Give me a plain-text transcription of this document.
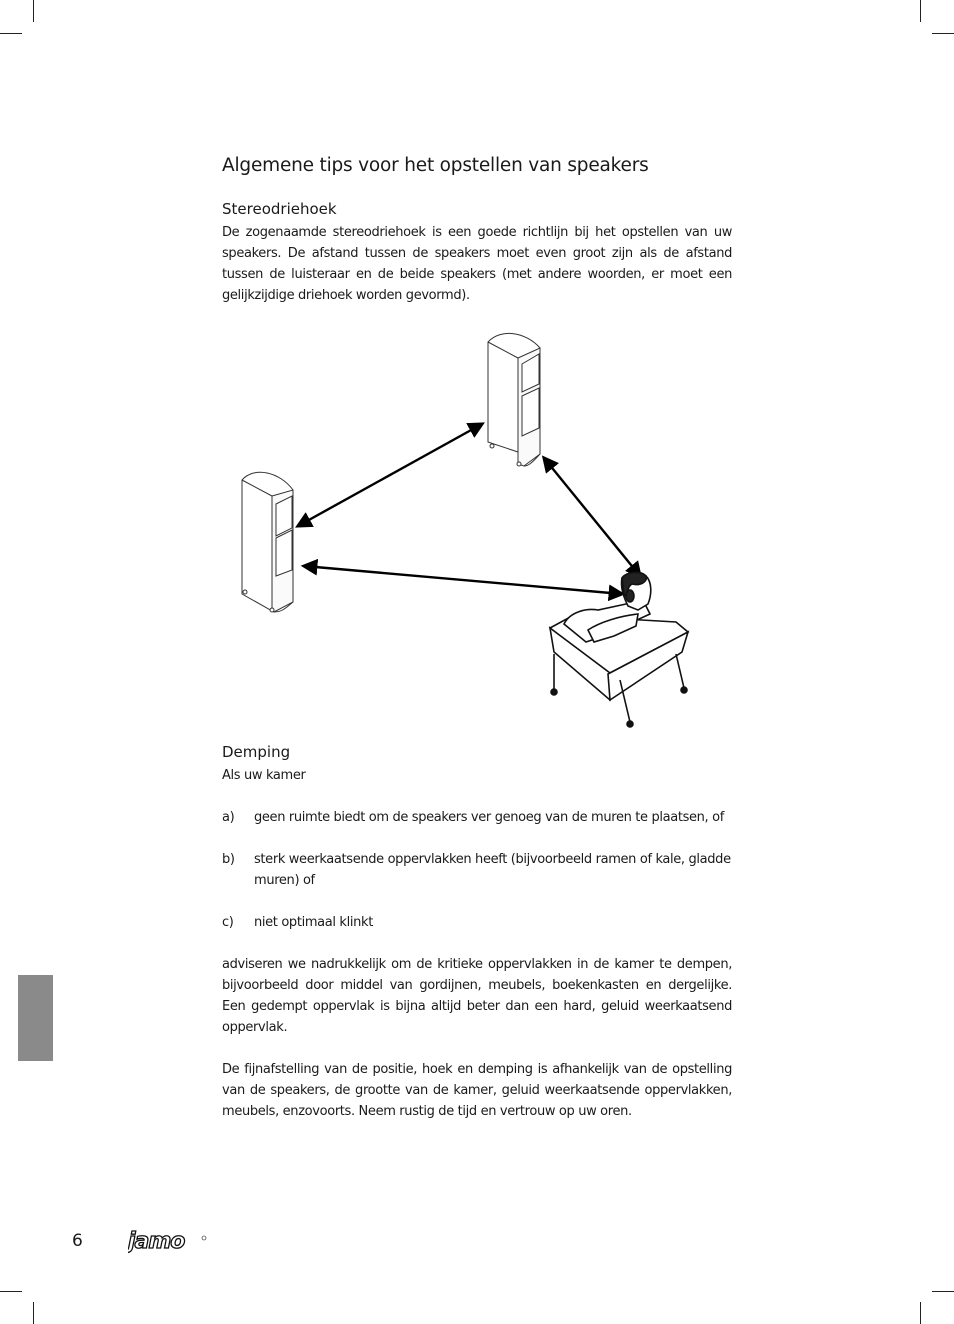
Algemene tips voor het opstellen van speakers
Stereodriehoek
De zogenaamde stereodriehoek is een goede richtlijn bij het opstellen van uw speakers. De afstand tussen de speakers moet even groot zijn als de afstand tussen de luisteraar en de beide speakers (met andere woorden, er moet een gelijkzijdige driehoek worden gevormd).
Demping
Als uw kamer
a) geen ruimte biedt om de speakers ver genoeg van de muren te plaatsen, of
b) sterk weerkaatsende oppervlakken heeft (bijvoorbeeld ramen of kale, gladde muren) of
c) niet optimaal klinkt
adviseren we nadrukkelijk om de kritieke oppervlakken in de kamer te dempen, bijvoorbeeld door middel van gordijnen, meubels, boekenkasten en dergelijke. Een gedempt oppervlak is bijna altijd beter dan een hard, geluid weerkaatsend oppervlak.
De fijnafstelling van de positie, hoek en demping is afhankelijk van de opstelling van de speakers, de grootte van de kamer, geluid weerkaatsende oppervlakken, meubels, enzovoorts. Neem rustig de tijd en vertrouw op uw oren.
6 jamo
